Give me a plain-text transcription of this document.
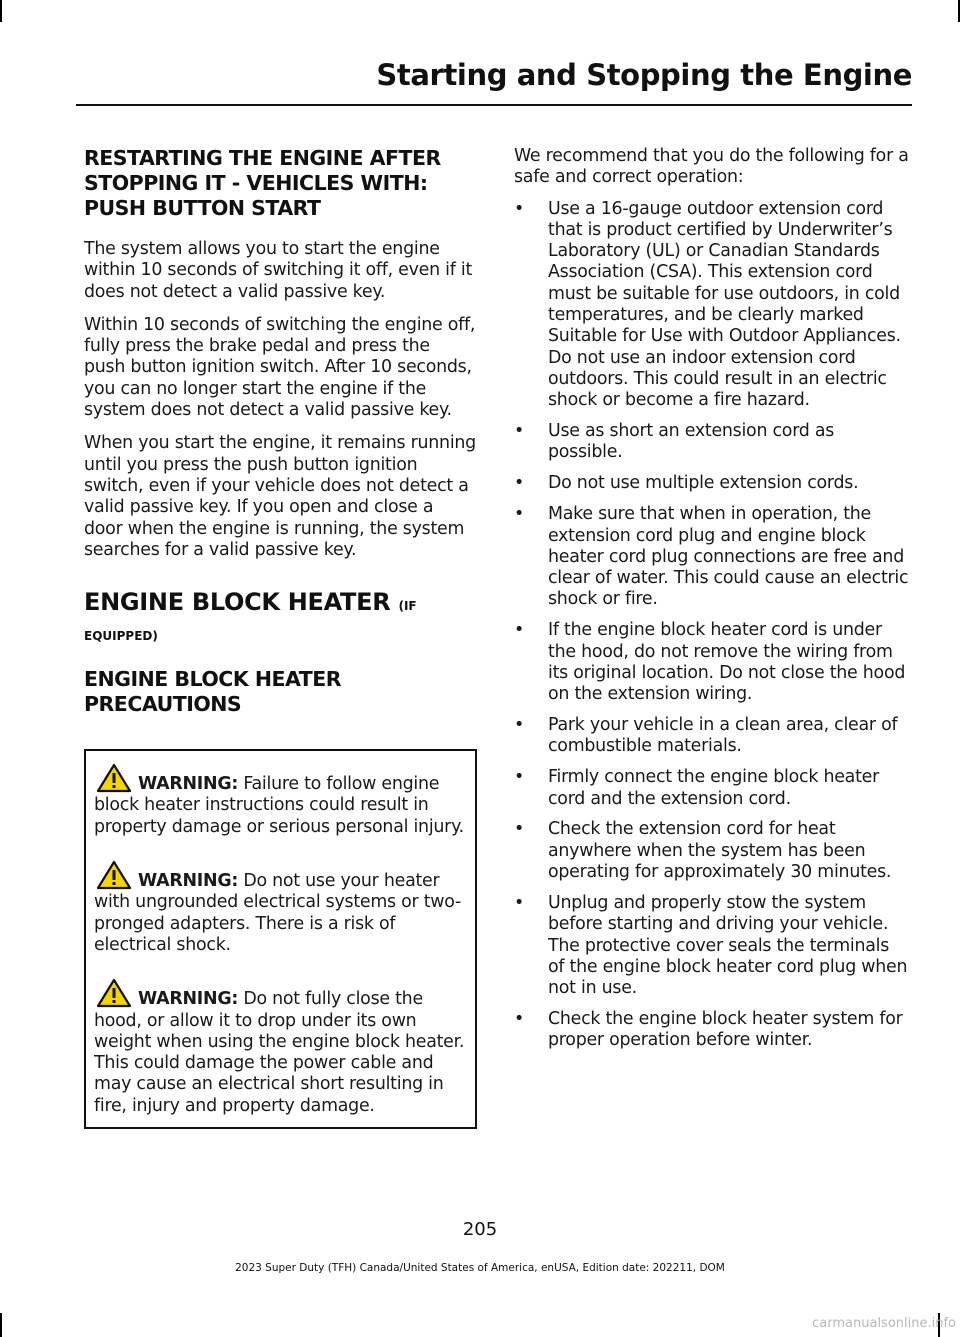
Starting and Stopping the Engine
RESTARTING THE ENGINE AFTER STOPPING IT - VEHICLES WITH: PUSH BUTTON START

The system allows you to start the engine within 10 seconds of switching it off, even if it does not detect a valid passive key.

Within 10 seconds of switching the engine off, fully press the brake pedal and press the push button ignition switch. After 10 seconds, you can no longer start the engine if the system does not detect a valid passive key.

When you start the engine, it remains running until you press the push button ignition switch, even if your vehicle does not detect a valid passive key. If you open and close a door when the engine is running, the system searches for a valid passive key.

ENGINE BLOCK HEATER (IF
EQUIPPED)
ENGINE BLOCK HEATER PRECAUTIONS
WARNING: Failure to follow engine block heater instructions could result in property damage or serious personal injury.
WARNING: Do not use your heater with ungrounded electrical systems or two-pronged adapters. There is a risk of electrical shock.
WARNING: Do not fully close the hood, or allow it to drop under its own weight when using the engine block heater. This could damage the power cable and may cause an electrical short resulting in fire, injury and property damage.

We recommend that you do the following for a safe and correct operation:

• Use a 16-gauge outdoor extension cord that is product certified by Underwriter’s Laboratory (UL) or Canadian Standards Association (CSA). This extension cord must be suitable for use outdoors, in cold temperatures, and be clearly marked Suitable for Use with Outdoor Appliances. Do not use an indoor extension cord outdoors. This could result in an electric shock or become a fire hazard.
• Use as short an extension cord as possible.
• Do not use multiple extension cords.
• Make sure that when in operation, the extension cord plug and engine block heater cord plug connections are free and clear of water. This could cause an electric shock or fire.
• If the engine block heater cord is under the hood, do not remove the wiring from its original location. Do not close the hood on the extension wiring.
• Park your vehicle in a clean area, clear of combustible materials.
• Firmly connect the engine block heater cord and the extension cord.
• Check the extension cord for heat anywhere when the system has been operating for approximately 30 minutes.
• Unplug and properly stow the system before starting and driving your vehicle. The protective cover seals the terminals of the engine block heater cord plug when not in use.
• Check the engine block heater system for proper operation before winter.
205
2023 Super Duty (TFH) Canada/United States of America, enUSA, Edition date: 202211, DOM
carmanualsonline.info
